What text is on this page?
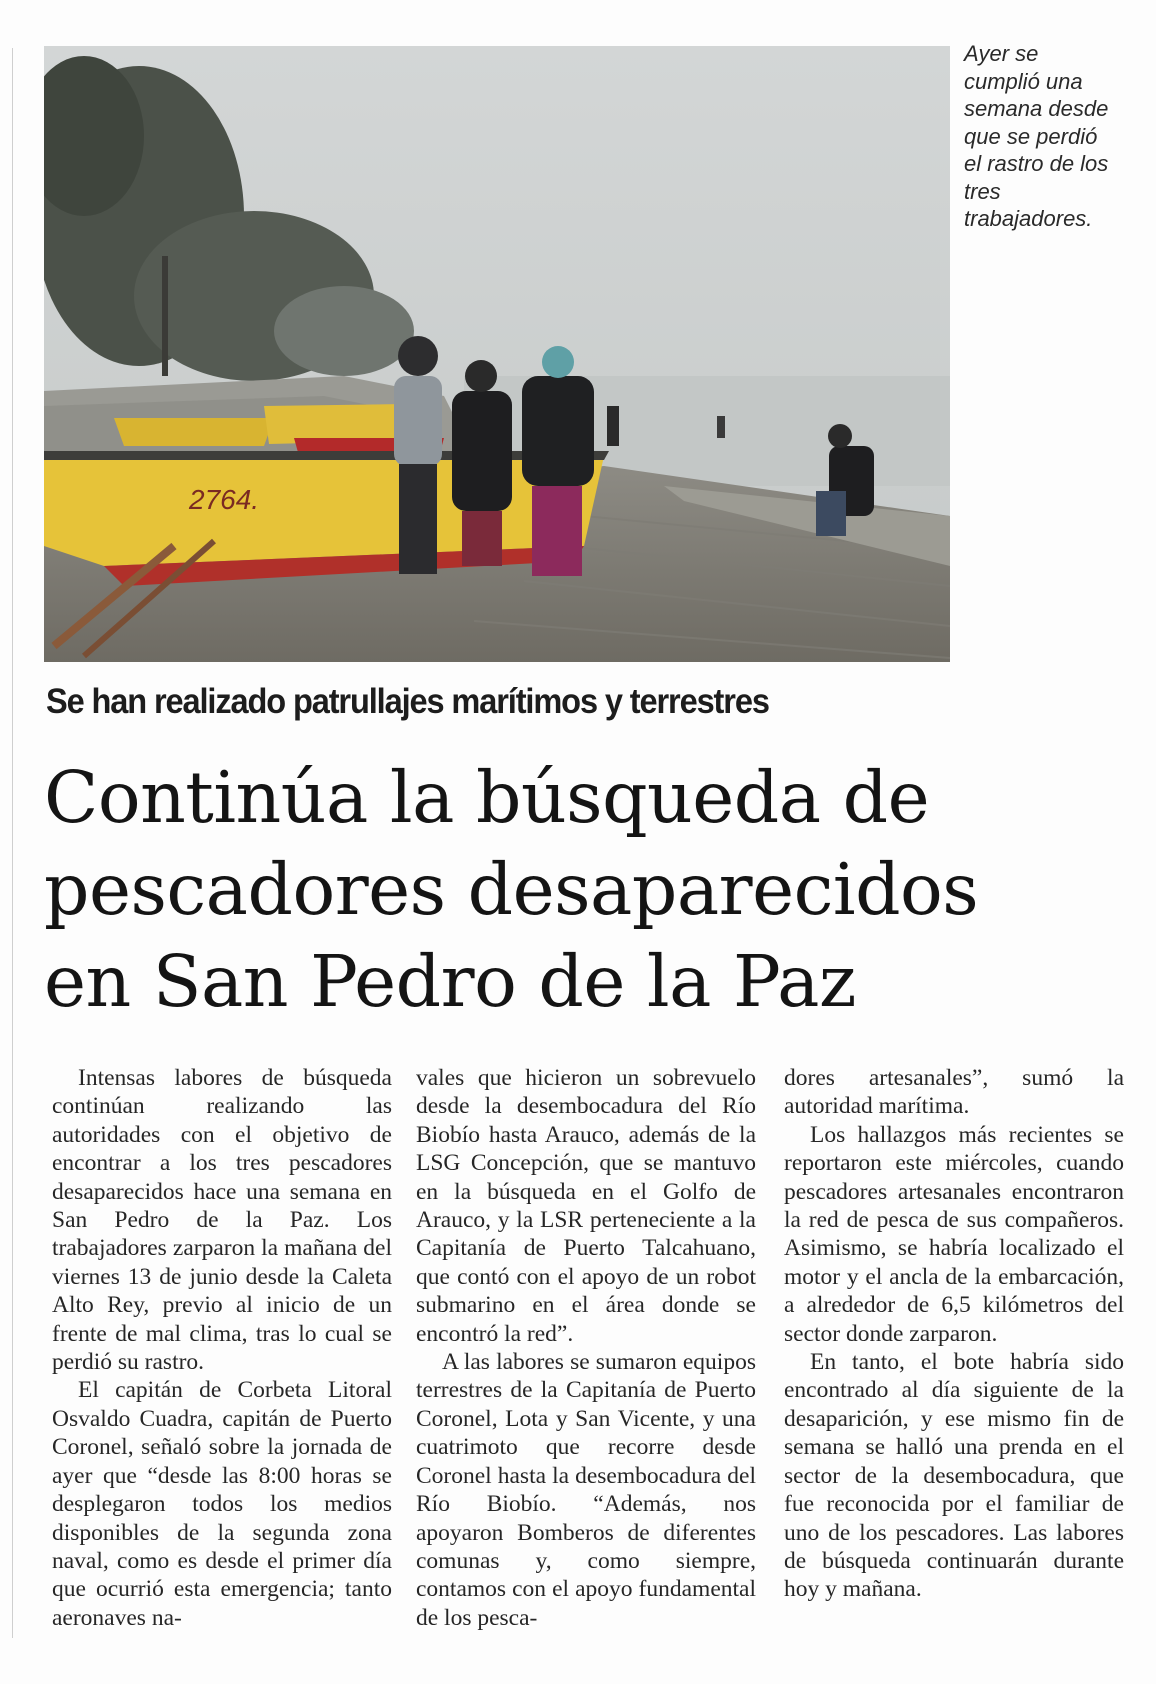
2764.
Ayer se
cumplió una
semana desde
que se perdió
el rastro de los
tres
trabajadores.
Se han realizado patrullajes marítimos y terrestres
Continúa la búsqueda de
pescadores desaparecidos
en San Pedro de la Paz

Intensas labores de búsqueda continúan realizando las autoridades con el objetivo de encontrar a los tres pescadores desaparecidos hace una semana en San Pedro de la Paz. Los trabajadores zarparon la mañana del viernes 13 de junio desde la Caleta Alto Rey, previo al inicio de un frente de mal clima, tras lo cual se perdió su rastro.

El capitán de Corbeta Litoral Osvaldo Cuadra, capitán de Puerto Coronel, señaló sobre la jornada de ayer que “desde las 8:00 horas se desplegaron todos los medios disponibles de la segunda zona naval, como es desde el primer día que ocurrió esta emergencia; tanto aeronaves na-

vales que hicieron un sobrevuelo desde la desembocadura del Río Biobío hasta Arauco, además de la LSG Concepción, que se mantuvo en la búsqueda en el Golfo de Arauco, y la LSR perteneciente a la Capitanía de Puerto Talcahuano, que contó con el apoyo de un robot submarino en el área donde se encontró la red”.

A las labores se sumaron equipos terrestres de la Capitanía de Puerto Coronel, Lota y San Vicente, y una cuatrimoto que recorre desde Coronel hasta la desembocadura del Río Biobío. “Además, nos apoyaron Bomberos de diferentes comunas y, como siempre, contamos con el apoyo fundamental de los pesca-

dores artesanales”, sumó la autoridad marítima.

Los hallazgos más recientes se reportaron este miércoles, cuando pescadores artesanales encontraron la red de pesca de sus compañeros. Asimismo, se habría localizado el motor y el ancla de la embarcación, a alrededor de 6,5 kilómetros del sector donde zarparon.

En tanto, el bote habría sido encontrado al día siguiente de la desaparición, y ese mismo fin de semana se halló una prenda en el sector de la desembocadura, que fue reconocida por el familiar de uno de los pescadores. Las labores de búsqueda continuarán durante hoy y mañana.
